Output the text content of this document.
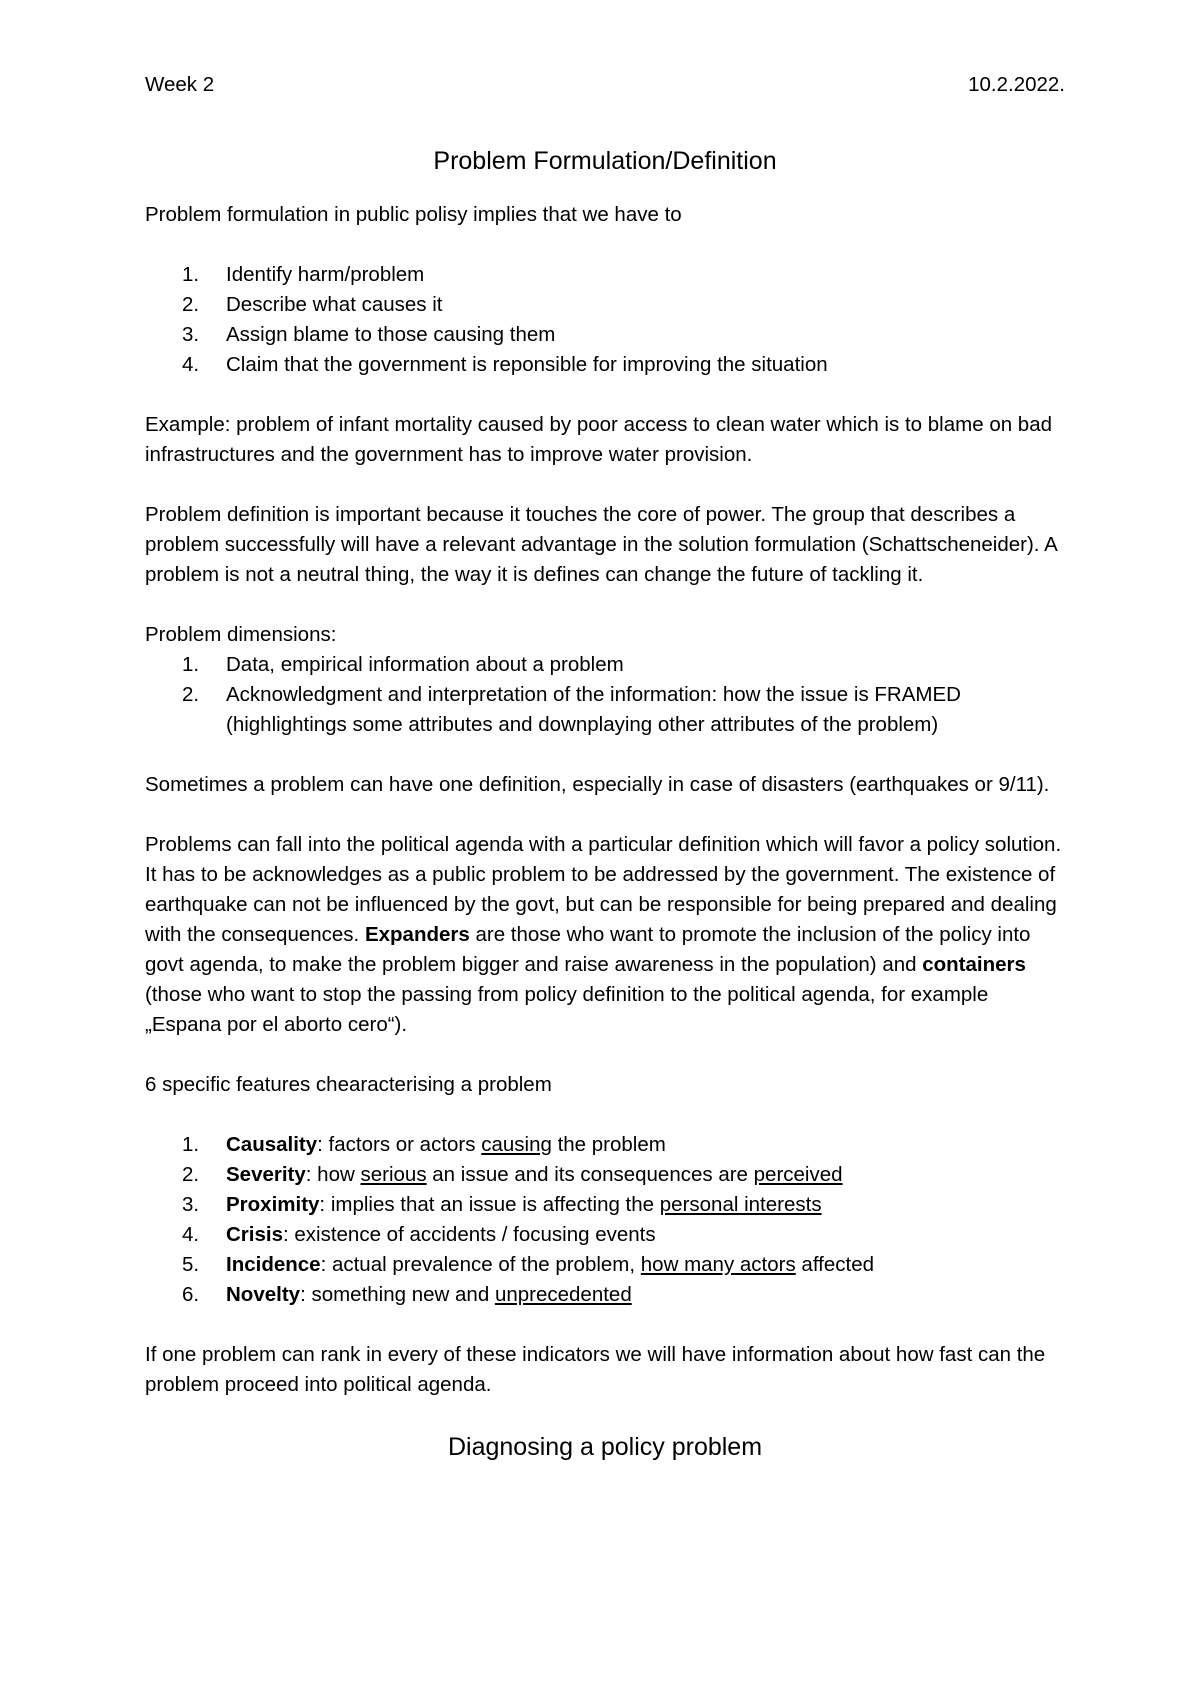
Week 2	10.2.2022.
Problem Formulation/Definition

Problem formulation in public polisy implies that we have to

1.	Identify harm/problem
2.	Describe what causes it
3.	Assign blame to those causing them
4.	Claim that the government is reponsible for improving the situation

Example: problem of infant mortality caused by poor access to clean water which is to blame on bad infrastructures and the government has to improve water provision.

Problem definition is important because it touches the core of power. The group that describes a problem successfully will have a relevant advantage in the solution formulation (Schattscheneider). A problem is not a neutral thing, the way it is defines can change the future of tackling it.

Problem dimensions:

1.	Data, empirical information about a problem
2.	Acknowledgment and interpretation of the information: how the issue is FRAMED (highlightings some attributes and downplaying other attributes of the problem)

Sometimes a problem can have one definition, especially in case of disasters (earthquakes or 9/11).

Problems can fall into the political agenda with a particular definition which will favor a policy solution. It has to be acknowledges as a public problem to be addressed by the government. The existence of earthquake can not be influenced by the govt, but can be responsible for being prepared and dealing with the consequences. Expanders are those who want to promote the inclusion of the policy into govt agenda, to make the problem bigger and raise awareness in the population) and containers (those who want to stop the passing from policy definition to the political agenda, for example „Espana por el aborto cero“).

6 specific features chearacterising a problem

1.	Causality: factors or actors causing the problem
2.	Severity: how serious an issue and its consequences are perceived
3.	Proximity: implies that an issue is affecting the personal interests
4.	Crisis: existence of accidents / focusing events
5.	Incidence: actual prevalence of the problem, how many actors affected
6.	Novelty: something new and unprecedented

If one problem can rank in every of these indicators we will have information about how fast can the problem proceed into political agenda.

Diagnosing a policy problem
